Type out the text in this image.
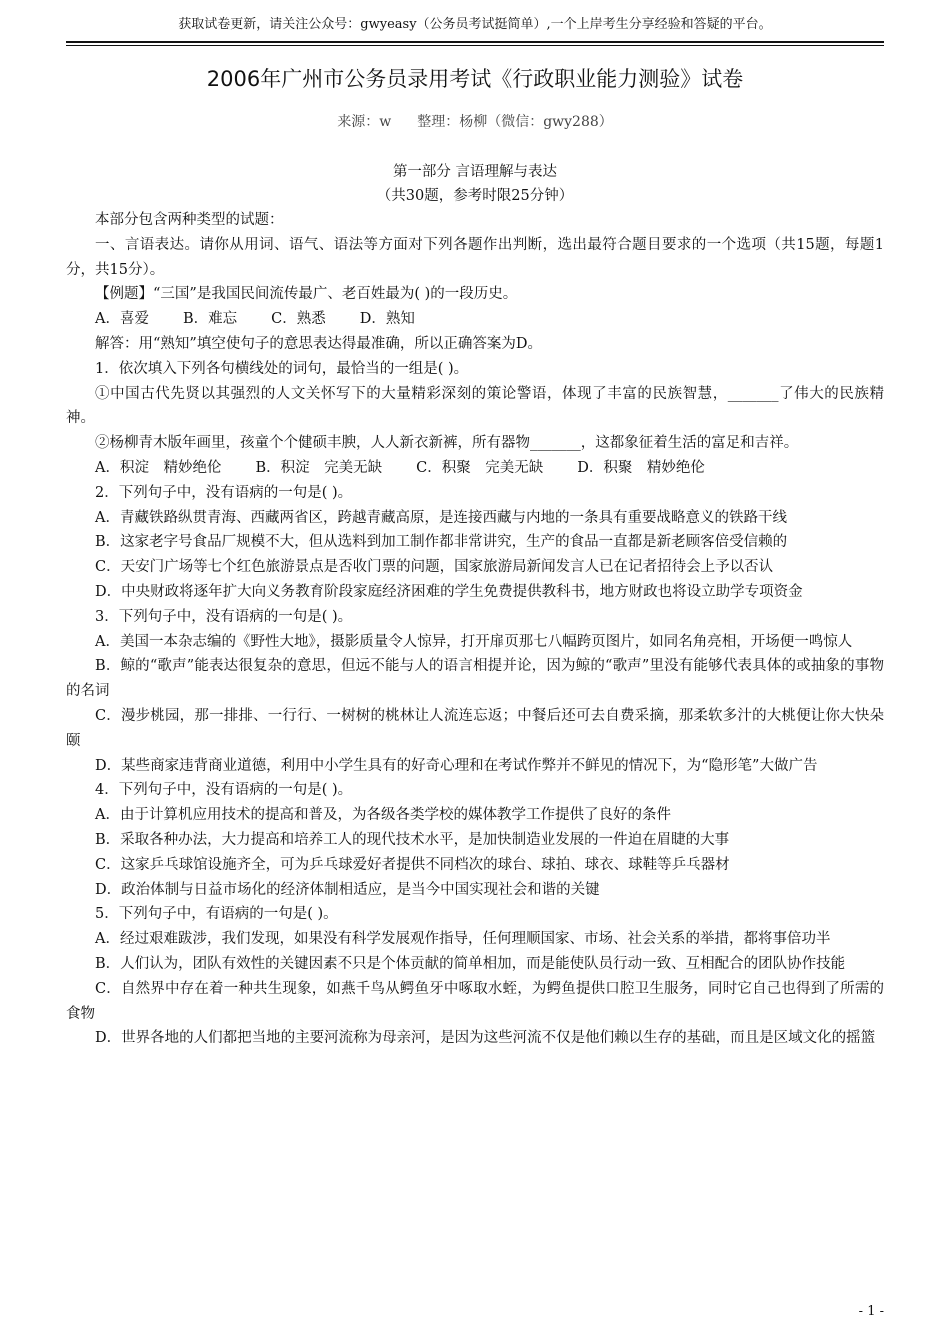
获取试卷更新，请关注公众号：gwyeasy（公务员考试挺简单）,一个上岸考生分享经验和答疑的平台。
2006年广州市公务员录用考试《行政职业能力测验》试卷
来源：w 整理：杨柳（微信：gwy288）
第一部分 言语理解与表达
（共30题，参考时限25分钟）

本部分包含两种类型的试题：

一、言语表达。请你从用词、语气、语法等方面对下列各题作出判断，选出最符合题目要求的一个选项（共15题，每题1分，共15分）。

【例题】“三国”是我国民间流传最广、老百姓最为( )的一段历史。

A．喜爱 B．难忘 C．熟悉 D．熟知

解答：用“熟知”填空使句子的意思表达得最准确，所以正确答案为D。

1．依次填入下列各句横线处的词句，最恰当的一组是( )。

①中国古代先贤以其强烈的人文关怀写下的大量精彩深刻的策论警语，体现了丰富的民族智慧，_______了伟大的民族精神。

②杨柳青木版年画里，孩童个个健硕丰腴，人人新衣新裤，所有器物_______，这都象征着生活的富足和吉祥。

A．积淀　精妙绝伦 B．积淀　完美无缺 C．积聚　完美无缺 D．积聚　精妙绝伦

2．下列句子中，没有语病的一句是( )。

A．青藏铁路纵贯青海、西藏两省区，跨越青藏高原，是连接西藏与内地的一条具有重要战略意义的铁路干线

B．这家老字号食品厂规模不大，但从选料到加工制作都非常讲究，生产的食品一直都是新老顾客倍受信赖的

C．天安门广场等七个红色旅游景点是否收门票的问题，国家旅游局新闻发言人已在记者招待会上予以否认

D．中央财政将逐年扩大向义务教育阶段家庭经济困难的学生免费提供教科书，地方财政也将设立助学专项资金

3．下列句子中，没有语病的一句是( )。

A．美国一本杂志编的《野性大地》，摄影质量令人惊异，打开扉页那七八幅跨页图片，如同名角亮相，开场便一鸣惊人

B．鲸的“歌声”能表达很复杂的意思，但远不能与人的语言相提并论，因为鲸的“歌声”里没有能够代表具体的或抽象的事物的名词

C．漫步桃园，那一排排、一行行、一树树的桃林让人流连忘返；中餐后还可去自费采摘，那柔软多汁的大桃便让你大快朵颐

D．某些商家违背商业道德，利用中小学生具有的好奇心理和在考试作弊并不鲜见的情况下，为“隐形笔”大做广告

4．下列句子中，没有语病的一句是( )。

A．由于计算机应用技术的提高和普及，为各级各类学校的媒体教学工作提供了良好的条件

B．采取各种办法，大力提高和培养工人的现代技术水平，是加快制造业发展的一件迫在眉睫的大事

C．这家乒乓球馆设施齐全，可为乒乓球爱好者提供不同档次的球台、球拍、球衣、球鞋等乒乓器材

D．政治体制与日益市场化的经济体制相适应，是当今中国实现社会和谐的关键

5．下列句子中，有语病的一句是( )。

A．经过艰难跋涉，我们发现，如果没有科学发展观作指导，任何理顺国家、市场、社会关系的举措，都将事倍功半

B．人们认为，团队有效性的关键因素不只是个体贡献的简单相加，而是能使队员行动一致、互相配合的团队协作技能

C．自然界中存在着一种共生现象，如燕千鸟从鳄鱼牙中啄取水蛭，为鳄鱼提供口腔卫生服务，同时它自己也得到了所需的食物

D．世界各地的人们都把当地的主要河流称为母亲河，是因为这些河流不仅是他们赖以生存的基础，而且是区域文化的摇篮

- 1 -
